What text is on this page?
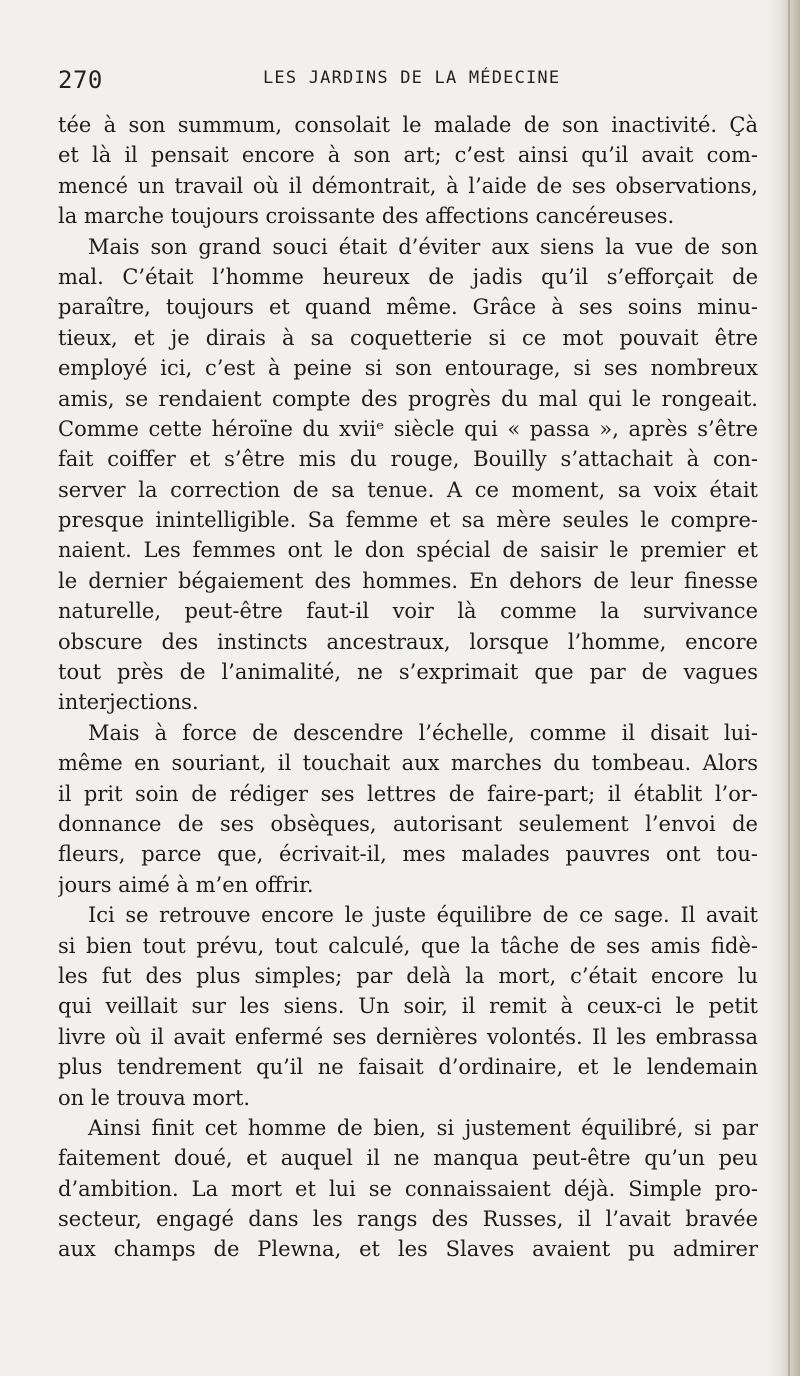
270	LES JARDINS DE LA MÉDECINE
tée à son summum, consolait le malade de son inactivité. Çà
et là il pensait encore à son art; c’est ainsi qu’il avait com-
mencé un travail où il démontrait, à l’aide de ses observations,
la marche toujours croissante des affections cancéreuses.
Mais son grand souci était d’éviter aux siens la vue de son
mal. C’était l’homme heureux de jadis qu’il s’efforçait de
paraître, toujours et quand même. Grâce à ses soins minu-
tieux, et je dirais à sa coquetterie si ce mot pouvait être
employé ici, c’est à peine si son entourage, si ses nombreux
amis, se rendaient compte des progrès du mal qui le rongeait.
Comme cette héroïne du xviiᵉ siècle qui « passa », après s’être
fait coiffer et s’être mis du rouge, Bouilly s’attachait à con-
server la correction de sa tenue. A ce moment, sa voix était
presque inintelligible. Sa femme et sa mère seules le compre-
naient. Les femmes ont le don spécial de saisir le premier et
le dernier bégaiement des hommes. En dehors de leur finesse
naturelle, peut-être faut-il voir là comme la survivance
obscure des instincts ancestraux, lorsque l’homme, encore
tout près de l’animalité, ne s’exprimait que par de vagues
interjections.
Mais à force de descendre l’échelle, comme il disait lui-
même en souriant, il touchait aux marches du tombeau. Alors
il prit soin de rédiger ses lettres de faire-part; il établit l’or-
donnance de ses obsèques, autorisant seulement l’envoi de
fleurs, parce que, écrivait-il, mes malades pauvres ont tou-
jours aimé à m’en offrir.
Ici se retrouve encore le juste équilibre de ce sage. Il avait
si bien tout prévu, tout calculé, que la tâche de ses amis fidè-
les fut des plus simples; par delà la mort, c’était encore lu
qui veillait sur les siens. Un soir, il remit à ceux-ci le petit
livre où il avait enfermé ses dernières volontés. Il les embrassa
plus tendrement qu’il ne faisait d’ordinaire, et le lendemain
on le trouva mort.
Ainsi finit cet homme de bien, si justement équilibré, si par
faitement doué, et auquel il ne manqua peut-être qu’un peu
d’ambition. La mort et lui se connaissaient déjà. Simple pro-
secteur, engagé dans les rangs des Russes, il l’avait bravée
aux champs de Plewna, et les Slaves avaient pu admirer
